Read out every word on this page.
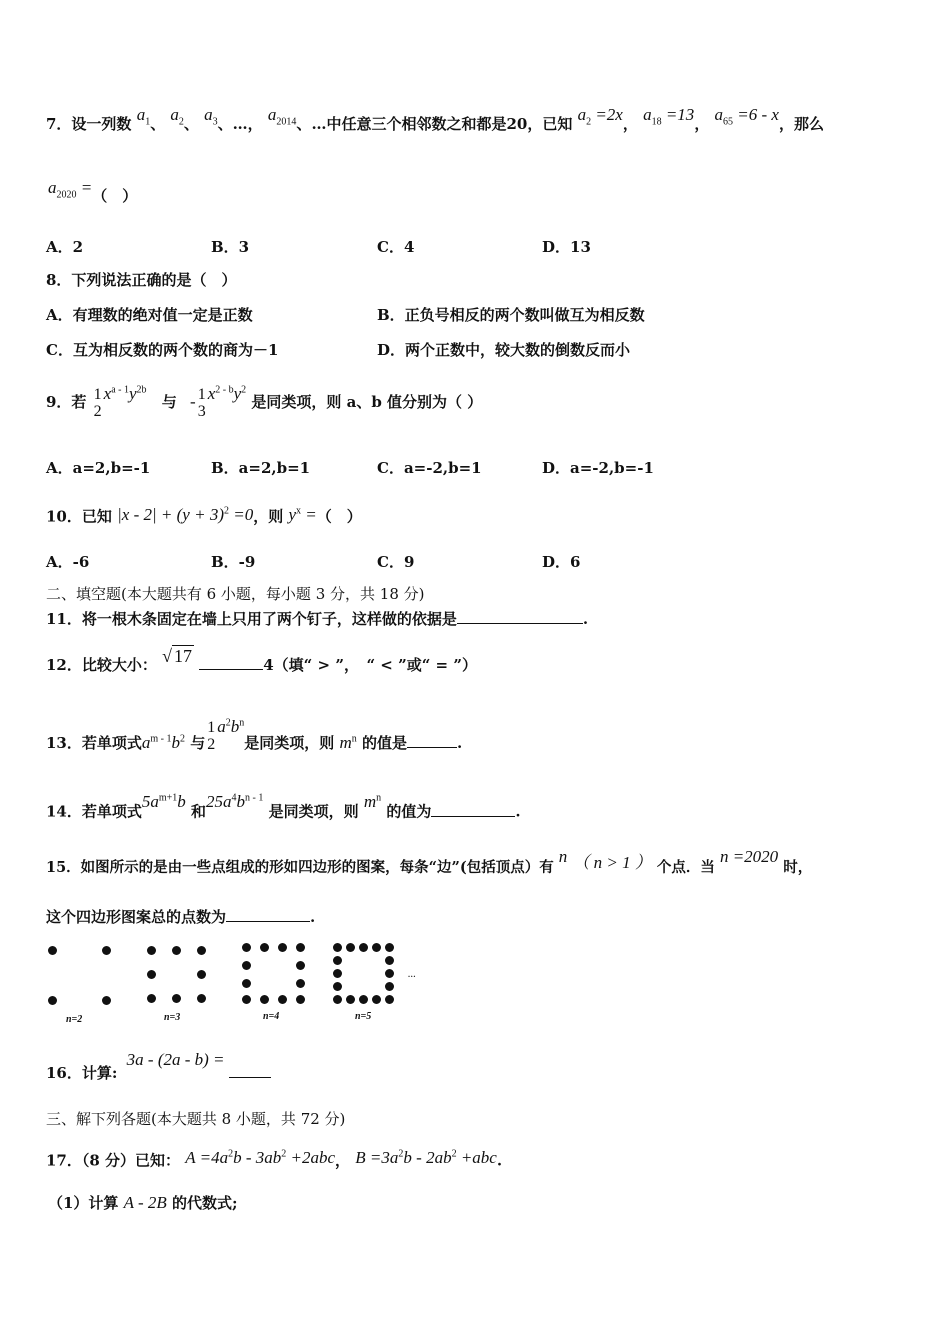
7．设一列数 $a_1$、 $a_2$、 $a_3$、…， $a_{2014}$、…中任意三个相邻数之和都是20，已知 $a_2 =2x$， $a_{18} =13$， $a_{65} =6 - x$，那么
$a_{2020}$ =（　）
A．2	B．3	C．4	D．13
8．下列说法正确的是（　）
A．有理数的绝对值一定是正数	B．正负号相反的两个数叫做互为相反数
C．互为相反数的两个数的商为－1	D．两个正数中，较大数的倒数反而小
9．若 1
2
$x^{a - 1}y^{2b}$ 与 - 1
3
$x^{2 - b}y^2$ 是同类项，则 a、b 值分别为（ ）
A．a=2,b=-1	B．a=2,b=1	C．a=-2,b=1	D．a=-2,b=-1
10．已知 $|x - 2| + (y + 3)^2 =0$，则 $y^x$ =（　）
A．-6	B．-9	C．9	D．6
二、填空题(本大题共有 6 小题，每小题 3 分，共 18 分)
11．将一根木条固定在墙上只用了两个钉子，这样做的依据是	.
12．比较大小： √ 17	4（填“ > ”，　“ < ”或“ = ”）
13．若单项式$a^{m - 1}b^2$ 与
1
2
$a^2b^n$是同类项，则 $m^n$ 的值是	.
14．若单项式$5a^{m+1}b$ 和$25a^4b^{n - 1}$ 是同类项，则 $m^n$ 的值为	.
15．如图所示的是由一些点组成的形如四边形的图案，每条“边”(包括顶点）有 n （ n > 1 ） 个点．当 n =2020 时，
这个四边形图案总的点数为	.
…
n=2	n=3	n=4	n=5
16．计算: 3a - (2a - b) =
三、解下列各题(本大题共 8 小题，共 72 分)
17．（8 分）已知： $A =4a^2b - 3ab^2 +2abc$， $B =3a^2b - 2ab^2 +abc$.
（1）计算 A - 2B 的代数式;
